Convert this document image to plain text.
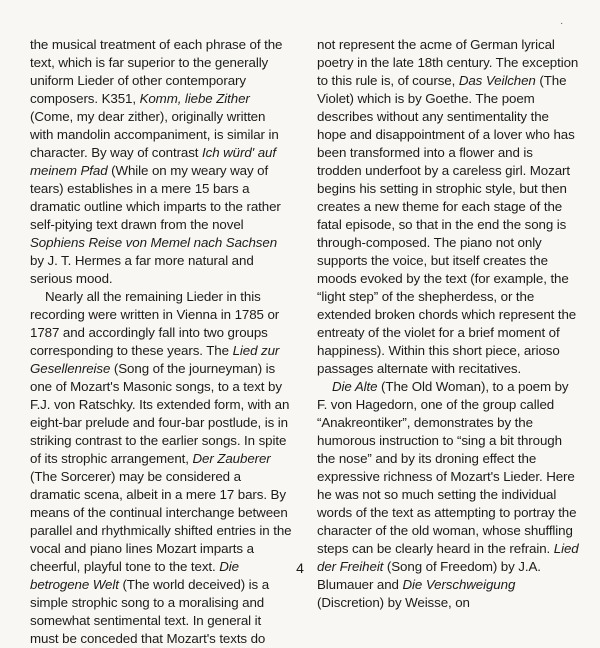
·

the musical treatment of each phrase of the text, which is far superior to the generally uniform Lieder of other contemporary composers. K351, Komm, liebe Zither (Come, my dear zither), originally written with mandolin accompaniment, is similar in character. By way of contrast Ich würd' auf meinem Pfad (While on my weary way of tears) establishes in a mere 15 bars a dramatic outline which imparts to the rather self-pitying text drawn from the novel Sophiens Reise von Memel nach Sachsen by J. T. Hermes a far more natural and serious mood.

Nearly all the remaining Lieder in this recording were written in Vienna in 1785 or 1787 and accordingly fall into two groups corresponding to these years. The Lied zur Gesellenreise (Song of the journeyman) is one of Mozart's Masonic songs, to a text by F.J. von Ratschky. Its extended form, with an eight-bar prelude and four-bar postlude, is in striking contrast to the earlier songs. In spite of its strophic arrangement, Der Zauberer (The Sorcerer) may be considered a dramatic scena, albeit in a mere 17 bars. By means of the continual interchange between parallel and rhythmically shifted entries in the vocal and piano lines Mozart imparts a cheerful, playful tone to the text. Die betrogene Welt (The world deceived) is a simple strophic song to a moralising and somewhat sentimental text. In general it must be conceded that Mozart's texts do

not represent the acme of German lyrical poetry in the late 18th century. The exception to this rule is, of course, Das Veilchen (The Violet) which is by Goethe. The poem describes without any sentimentality the hope and disappointment of a lover who has been transformed into a flower and is trodden underfoot by a careless girl. Mozart begins his setting in strophic style, but then creates a new theme for each stage of the fatal episode, so that in the end the song is through-composed. The piano not only supports the voice, but itself creates the moods evoked by the text (for example, the “light step” of the shepherdess, or the extended broken chords which represent the entreaty of the violet for a brief moment of happiness). Within this short piece, arioso passages alternate with recitatives.

Die Alte (The Old Woman), to a poem by F. von Hagedorn, one of the group called “Anakreontiker”, demonstrates by the humorous instruction to “sing a bit through the nose” and by its droning effect the expressive richness of Mozart's Lieder. Here he was not so much setting the individual words of the text as attempting to portray the character of the old woman, whose shuffling steps can be clearly heard in the refrain. Lied der Freiheit (Song of Freedom) by J.A. Blumauer and Die Verschweigung (Discretion) by Weisse, on

4
